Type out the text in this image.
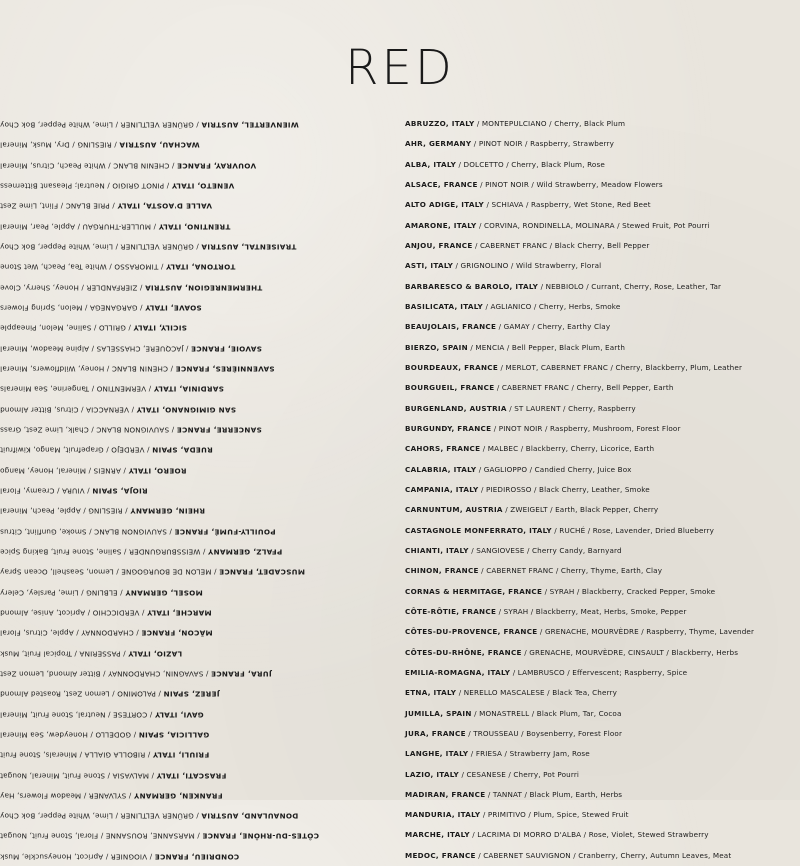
RED
WIENVERTEL, AUSTRIA / GRÜNER VELTLINER / Lime, White Pepper, Bok Choy
WACHAU, AUSTRIA / RIESLING / Dry, Musk, Mineral
VOUVRAY, FRANCE / CHENIN BLANC / White Peach, Citrus, Mineral
VENETO, ITALY / PINOT GRIGIO / Neutral; Pleasant Bitterness
VALLE D'AOSTA, ITALY / PRIE BLANC / Flint, Lime Zest
TRENTINO, ITALY / MULLER-THURGAU / Apple, Pear, Mineral
TRAISENTAL, AUSTRIA / GRÜNER VELTLINER / Lime, White Pepper, Bok Choy
TORTONA, ITALY / TIMORASSO / White Tea, Peach, Wet Stone
THERMENREGION, AUSTRIA / ZIERFANDLER / Honey, Sherry, Clove
SOAVE, ITALY / GARGANEGA / Melon, Spring Flowers
SICILY, ITALY / GRILLO / Saline, Melon, Pineapple
SAVOIE, FRANCE / JACQUERE, CHASSELAS / Alpine Meadow, Mineral
SAVENNIÈRES, FRANCE / CHENIN BLANC / Honey, Wildflowers, Mineral
SARDINIA, ITALY / VERMENTINO / Tangerine, Sea Minerals
SAN GIMIGNANO, ITALY / VERNACCIA / Citrus, Bitter Almond
SANCERRE, FRANCE / SAUVIGNON BLANC / Chalk, Lime Zest, Grass
RUEDA, SPAIN / VERDEJO / Grapefruit, Mango, Kiwifruit
ROERO, ITALY / ARNEIS / Mineral, Honey, Mango
RIOJA, SPAIN / VIURA / Creamy, Floral
RHEIN, GERMANY / RIESLING / Apple, Peach, Mineral
POUILLY-FUMÉ, FRANCE / SAUVIGNON BLANC / Smoke, Gunflint, Citrus
PFALZ, GERMANY / WEISSBURGUNDER / Saline, Stone Fruit, Baking Spice
MUSCADET, FRANCE / MELON DE BOURGOGNE / Lemon, Seashell, Ocean Spray
MOSEL, GERMANY / ELBLING / Lime, Parsley, Celery
MARCHE, ITALY / VERDICCHIO / Apricot, Anise, Almond
MÂCON, FRANCE / CHARDONNAY / Apple, Citrus, Floral
LAZIO, ITALY / PASSERINA / Tropical Fruit, Musk
JURA, FRANCE / SAVAGNIN, CHARDONNAY / Bitter Almond, Lemon Zest
JEREZ, SPAIN / PALOMINO / Lemon Zest, Roasted Almond
GAVI, ITALY / CORTESE / Neutral, Stone Fruit, Mineral
GALLICIA, SPAIN / GODELLO / Honeydew, Sea Mineral
FRIULI, ITALY / RIBOLLA GIALLA / Minerals, Stone Fruit
FRASCATI, ITALY / MALVASIA / Stone Fruit, Mineral, Nougat
FRANKEN, GERMANY / SYLVANER / Meadow Flowers, Hay
DONAULAND, AUSTRIA / GRÜNER VELTLINER / Lime, White Pepper, Bok Choy
CÔTES-DU-RHÔNE, FRANCE / MARSANNE, ROUSANNE / Floral, Stone Fruit, Nougat
CONDRIEU, FRANCE / VIOGNIER / Apricot, Honeysuckle, Musk
ABRUZZO, ITALY / MONTEPULCIANO / Cherry, Black Plum
AHR, GERMANY / PINOT NOIR / Raspberry, Strawberry
ALBA, ITALY / DOLCETTO / Cherry, Black Plum, Rose
ALSACE, FRANCE / PINOT NOIR / Wild Strawberry, Meadow Flowers
ALTO ADIGE, ITALY / SCHIAVA / Raspberry, Wet Stone, Red Beet
AMARONE, ITALY / CORVINA, RONDINELLA, MOLINARA / Stewed Fruit, Pot Pourri
ANJOU, FRANCE / CABERNET FRANC / Black Cherry, Bell Pepper
ASTI, ITALY / GRIGNOLINO / Wild Strawberry, Floral
BARBARESCO & BAROLO, ITALY / NEBBIOLO / Currant, Cherry, Rose, Leather, Tar
BASILICATA, ITALY / AGLIANICO / Cherry, Herbs, Smoke
BEAUJOLAIS, FRANCE / GAMAY / Cherry, Earthy Clay
BIERZO, SPAIN / MENCIA / Bell Pepper, Black Plum, Earth
BOURDEAUX, FRANCE / MERLOT, CABERNET FRANC / Cherry, Blackberry, Plum, Leather
BOURGUEIL, FRANCE / CABERNET FRANC / Cherry, Bell Pepper, Earth
BURGENLAND, AUSTRIA / ST LAURENT / Cherry, Raspberry
BURGUNDY, FRANCE / PINOT NOIR / Raspberry, Mushroom, Forest Floor
CAHORS, FRANCE / MALBEC / Blackberry, Cherry, Licorice, Earth
CALABRIA, ITALY / GAGLIOPPO / Candied Cherry, Juice Box
CAMPANIA, ITALY / PIEDIROSSO / Black Cherry, Leather, Smoke
CARNUNTUM, AUSTRIA / ZWEIGELT / Earth, Black Pepper, Cherry
CASTAGNOLE MONFERRATO, ITALY / RUCHÉ / Rose, Lavender, Dried Blueberry
CHIANTI, ITALY / SANGIOVESE / Cherry Candy, Barnyard
CHINON, FRANCE / CABERNET FRANC / Cherry, Thyme, Earth, Clay
CORNAS & HERMITAGE, FRANCE / SYRAH / Blackberry, Cracked Pepper, Smoke
CÔTE-RÔTIE, FRANCE / SYRAH / Blackberry, Meat, Herbs, Smoke, Pepper
CÔTES-DU-PROVENCE, FRANCE / GRENACHE, MOURVÈDRE / Raspberry, Thyme, Lavender
CÔTES-DU-RHÔNE, FRANCE / GRENACHE, MOURVÈDRE, CINSAULT / Blackberry, Herbs
EMILIA-ROMAGNA, ITALY / LAMBRUSCO / Effervescent; Raspberry, Spice
ETNA, ITALY / NERELLO MASCALESE / Black Tea, Cherry
JUMILLA, SPAIN / MONASTRELL / Black Plum, Tar, Cocoa
JURA, FRANCE / TROUSSEAU / Boysenberry, Forest Floor
LANGHE, ITALY / FRIESA / Strawberry Jam, Rose
LAZIO, ITALY / CESANESE / Cherry, Pot Pourri
MADIRAN, FRANCE / TANNAT / Black Plum, Earth, Herbs
MANDURIA, ITALY / PRIMITIVO / Plum, Spice, Stewed Fruit
MARCHE, ITALY / LACRIMA DI MORRO D'ALBA / Rose, Violet, Stewed Strawberry
MEDOC, FRANCE / CABERNET SAUVIGNON / Cranberry, Cherry, Autumn Leaves, Meat
